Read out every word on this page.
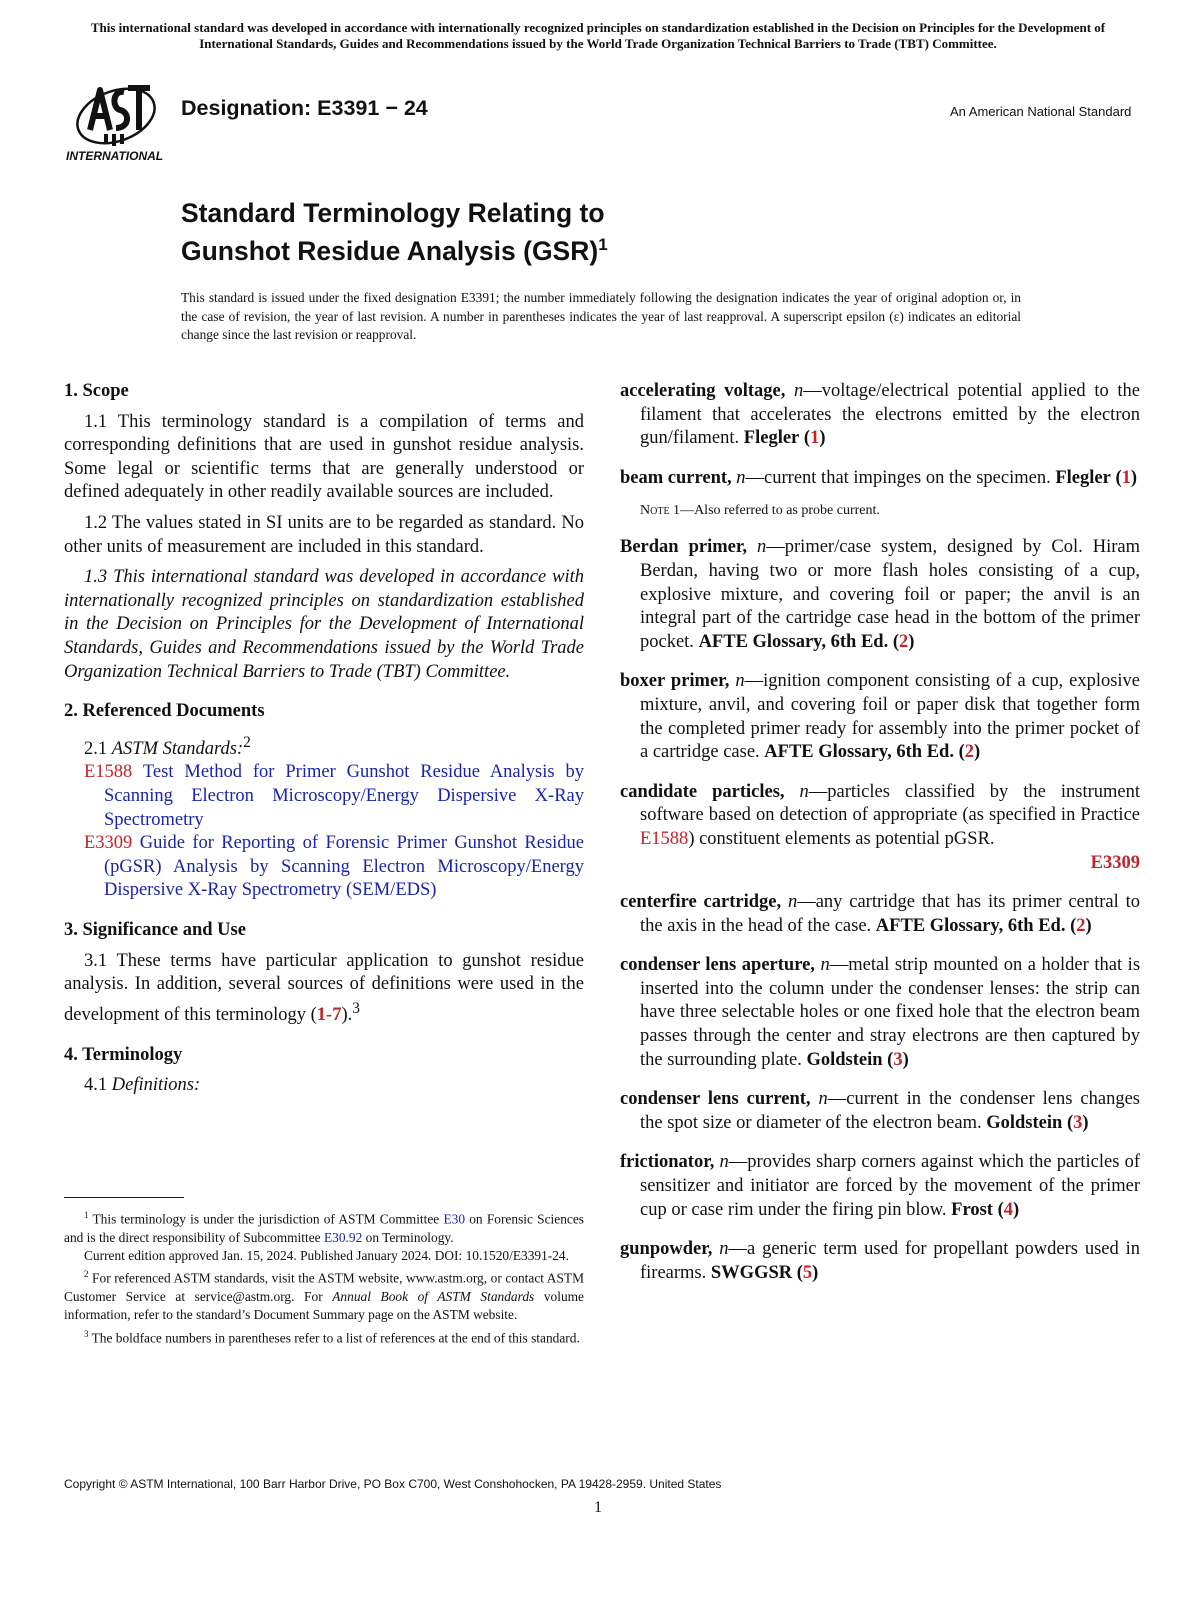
This international standard was developed in accordance with internationally recognized principles on standardization established in the Decision on Principles for the Development of International Standards, Guides and Recommendations issued by the World Trade Organization Technical Barriers to Trade (TBT) Committee.
INTERNATIONAL
Designation: E3391 − 24	An American National Standard
Standard Terminology Relating to
Gunshot Residue Analysis (GSR)$^1$
This standard is issued under the fixed designation E3391; the number immediately following the designation indicates the year of original adoption or, in the case of revision, the year of last revision. A number in parentheses indicates the year of last reapproval. A superscript epsilon (ε) indicates an editorial change since the last revision or reapproval.
1. Scope

1.1 This terminology standard is a compilation of terms and corresponding definitions that are used in gunshot residue analysis. Some legal or scientific terms that are generally understood or defined adequately in other readily available sources are included.

1.2 The values stated in SI units are to be regarded as standard. No other units of measurement are included in this standard.

1.3 This international standard was developed in accordance with internationally recognized principles on standardization established in the Decision on Principles for the Development of International Standards, Guides and Recommendations issued by the World Trade Organization Technical Barriers to Trade (TBT) Committee.

2. Referenced Documents

2.1 ASTM Standards:$^2$

E1588 Test Method for Primer Gunshot Residue Analysis by Scanning Electron Microscopy/Energy Dispersive X-Ray Spectrometry

E3309 Guide for Reporting of Forensic Primer Gunshot Residue (pGSR) Analysis by Scanning Electron Microscopy/Energy Dispersive X-Ray Spectrometry (SEM/EDS)

3. Significance and Use

3.1 These terms have particular application to gunshot residue analysis. In addition, several sources of definitions were used in the development of this terminology (1-7).$^3$

4. Terminology

4.1 Definitions:

accelerating voltage, n—voltage/electrical potential applied to the filament that accelerates the electrons emitted by the electron gun/filament. Flegler (1)

beam current, n—current that impinges on the specimen. Flegler (1)

Note 1—Also referred to as probe current.

Berdan primer, n—primer/case system, designed by Col. Hiram Berdan, having two or more flash holes consisting of a cup, explosive mixture, and covering foil or paper; the anvil is an integral part of the cartridge case head in the bottom of the primer pocket. AFTE Glossary, 6th Ed. (2)

boxer primer, n—ignition component consisting of a cup, explosive mixture, anvil, and covering foil or paper disk that together form the completed primer ready for assembly into the primer pocket of a cartridge case. AFTE Glossary, 6th Ed. (2)

candidate particles, n—particles classified by the instrument software based on detection of appropriate (as specified in Practice E1588) constituent elements as potential pGSR.

E3309

centerfire cartridge, n—any cartridge that has its primer central to the axis in the head of the case. AFTE Glossary, 6th Ed. (2)

condenser lens aperture, n—metal strip mounted on a holder that is inserted into the column under the condenser lenses: the strip can have three selectable holes or one fixed hole that the electron beam passes through the center and stray electrons are then captured by the surrounding plate. Goldstein (3)

condenser lens current, n—current in the condenser lens changes the spot size or diameter of the electron beam. Goldstein (3)

frictionator, n—provides sharp corners against which the particles of sensitizer and initiator are forced by the movement of the primer cup or case rim under the firing pin blow. Frost (4)

gunpowder, n—a generic term used for propellant powders used in firearms. SWGGSR (5)

$^1$ This terminology is under the jurisdiction of ASTM Committee E30 on Forensic Sciences and is the direct responsibility of Subcommittee E30.92 on Terminology.

Current edition approved Jan. 15, 2024. Published January 2024. DOI: 10.1520/E3391-24.

$^2$ For referenced ASTM standards, visit the ASTM website, www.astm.org, or contact ASTM Customer Service at service@astm.org. For Annual Book of ASTM Standards volume information, refer to the standard’s Document Summary page on the ASTM website.

$^3$ The boldface numbers in parentheses refer to a list of references at the end of this standard.

Copyright © ASTM International, 100 Barr Harbor Drive, PO Box C700, West Conshohocken, PA 19428-2959. United States
1
